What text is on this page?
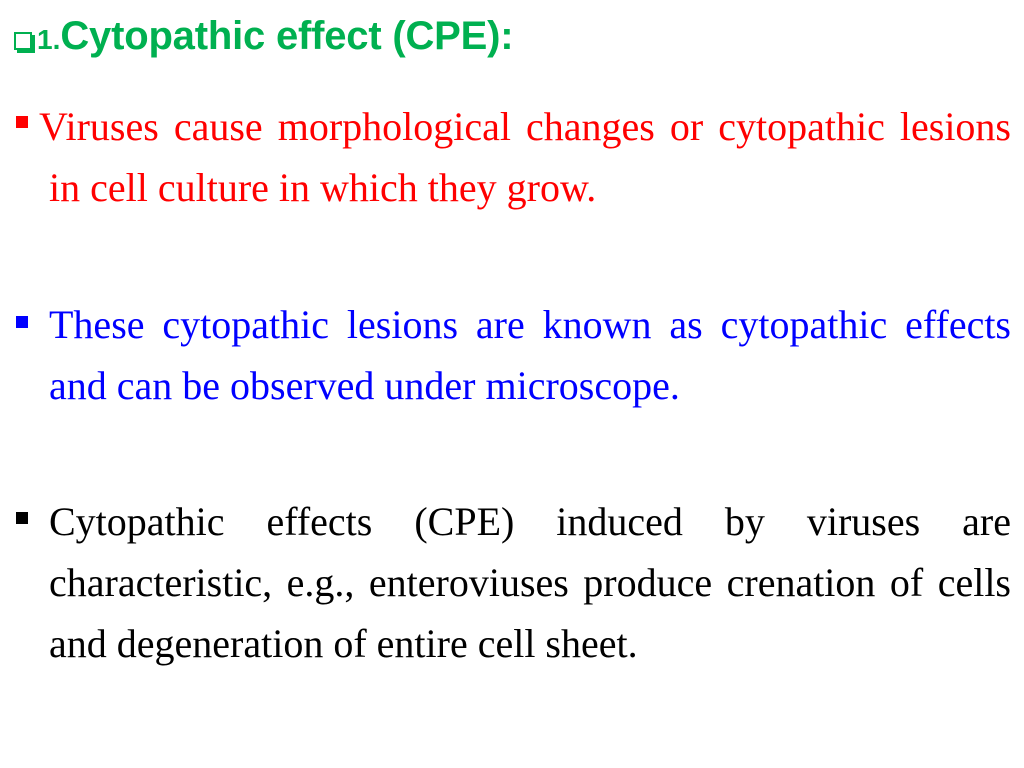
1. Cytopathic effect (CPE):

Viruses cause morphological changes or cytopathic lesions in cell culture in which they grow.

These cytopathic lesions are known as cytopathic effects and can be observed under microscope.

Cytopathic effects (CPE) induced by viruses are characteristic, e.g., enteroviuses produce crenation of cells and degeneration of entire cell sheet.
